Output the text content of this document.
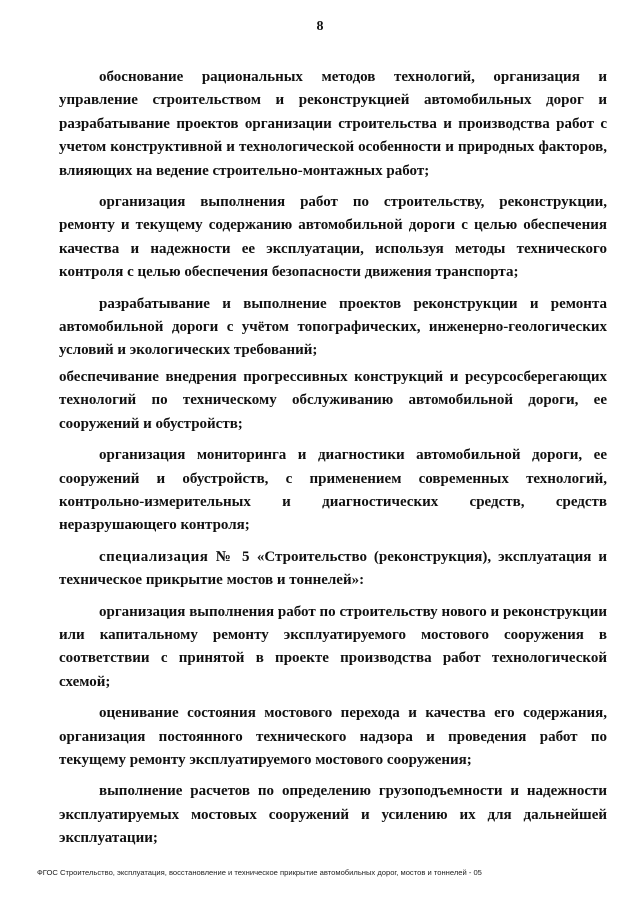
8

обоснование рациональных методов технологий, организация и управление строительством и реконструкцией автомобильных дорог и разрабатывание проектов организации строительства и производства работ с учетом конструктивной и технологической особенности и природных факторов, влияющих на ведение строительно-монтажных работ;

организация выполнения работ по строительству, реконструкции, ремонту и текущему содержанию автомобильной дороги с целью обеспечения качества и надежности ее эксплуатации, используя методы технического контроля с целью обеспечения безопасности движения транспорта;

разрабатывание и выполнение проектов реконструкции и ремонта автомобильной дороги с учётом топографических, инженерно-геологических условий и экологических требований;

обеспечивание внедрения прогрессивных конструкций и ресурсосберегающих технологий по техническому обслуживанию автомобильной дороги, ее сооружений и обустройств;

организация мониторинга и диагностики автомобильной дороги, ее сооружений и обустройств, с применением современных технологий, контрольно-измерительных и диагностических средств, средств неразрушающего контроля;

специализация № 5 «Строительство (реконструкция), эксплуатация и техническое прикрытие мостов и тоннелей»:

организация выполнения работ по строительству нового и реконструкции или капитальному ремонту эксплуатируемого мостового сооружения в соответствии с принятой в проекте производства работ технологической схемой;

оценивание состояния мостового перехода и качества его содержания, организация постоянного технического надзора и проведения работ по текущему ремонту эксплуатируемого мостового сооружения;

выполнение расчетов по определению грузоподъемности и надежности эксплуатируемых мостовых сооружений и усилению их для дальнейшей эксплуатации;

ФГОС Строительство, эксплуатация, восстановление и техническое прикрытие автомобильных дорог, мостов и тоннелей - 05
